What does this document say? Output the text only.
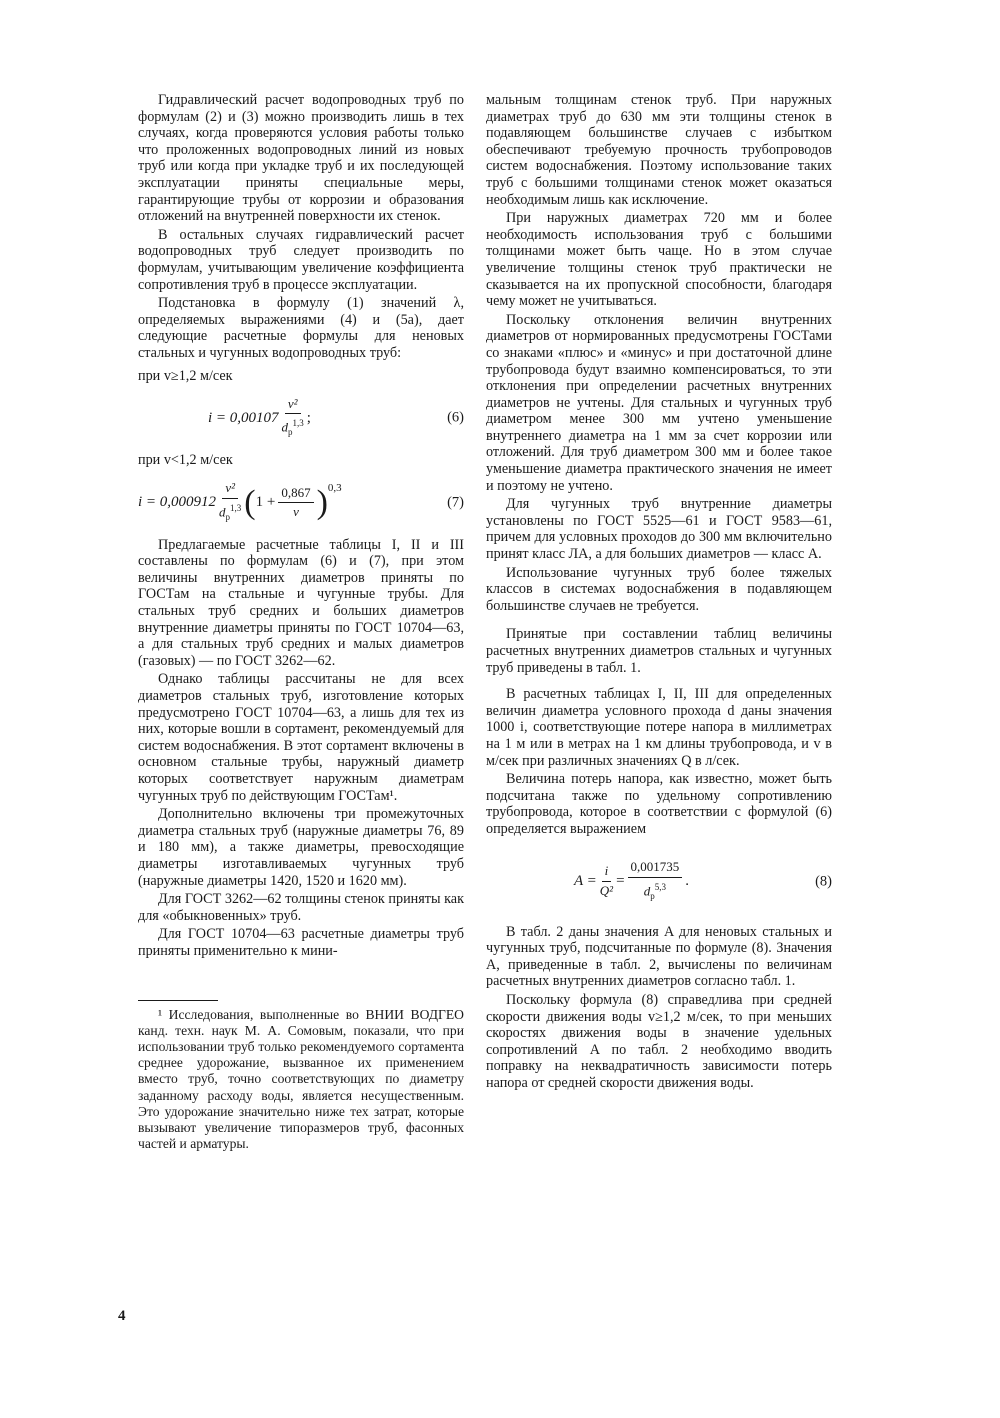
Гидравлический расчет водопроводных труб по формулам (2) и (3) можно производить лишь в тех случаях, когда проверяются условия работы только что проложенных водопроводных линий из новых труб или когда при укладке труб и их последующей эксплуатации приняты специальные меры, гарантирующие трубы от коррозии и образования отложений на внутренней поверхности их стенок.

В остальных случаях гидравлический расчет водопроводных труб следует производить по формулам, учитывающим увеличение коэффициента сопротивления труб в процессе эксплуатации.

Подстановка в формулу (1) значений λ, определяемых выражениями (4) и (5а), дает следующие расчетные формулы для неновых стальных и чугунных водопроводных труб:

при v≥1,2 м/сек

$i = 0,00107 \frac{\text{v²}}{d_р^{1,3}}$ ;	(6)

при v<1,2 м/сек

$i = 0,000912 \frac{\text{v²}}{d_р^{1,3}}$ ( $1 + \frac{0,867}{v} )^{0,3}$
(7)

Предлагаемые расчетные таблицы I, II и III составлены по формулам (6) и (7), при этом величины внутренних диаметров приняты по ГОСТам на стальные и чугунные трубы. Для стальных труб средних и больших диаметров внутренние диаметры приняты по ГОСТ 10704—63, а для стальных труб средних и малых диаметров (газовых) — по ГОСТ 3262—62.

Однако таблицы рассчитаны не для всех диаметров стальных труб, изготовление которых предусмотрено ГОСТ 10704—63, а лишь для тех из них, которые вошли в сортамент, рекомендуемый для систем водоснабжения. В этот сортамент включены в основном стальные трубы, наружный диаметр которых соответствует наружным диаметрам чугунных труб по действующим ГОСТам¹.

Дополнительно включены три промежуточных диаметра стальных труб (наружные диаметры 76, 89 и 180 мм), а также диаметры, превосходящие диаметры изготавливаемых чугунных труб (наружные диаметры 1420, 1520 и 1620 мм).

Для ГОСТ 3262—62 толщины стенок приняты как для «обыкновенных» труб.

Для ГОСТ 10704—63 расчетные диаметры труб приняты применительно к мини-

¹ Исследования, выполненные во ВНИИ ВОДГЕО канд. техн. наук М. А. Сомовым, показали, что при использовании труб только рекомендуемого сортамента среднее удорожание, вызванное их применением вместо труб, точно соответствующих по диаметру заданному расходу воды, является несущественным. Это удорожание значительно ниже тех затрат, которые вызывают увеличение типоразмеров труб, фасонных частей и арматуры.

мальным толщинам стенок труб. При наружных диаметрах труб до 630 мм эти толщины стенок в подавляющем большинстве случаев с избытком обеспечивают требуемую прочность трубопроводов систем водоснабжения. Поэтому использование таких труб с большими толщинами стенок может оказаться необходимым лишь как исключение.

При наружных диаметрах 720 мм и более необходимость использования труб с большими толщинами может быть чаще. Но в этом случае увеличение толщины стенок труб практически не сказывается на их пропускной способности, благодаря чему может не учитываться.

Поскольку отклонения величин внутренних диаметров от нормированных предусмотрены ГОСТами со знаками «плюс» и «минус» и при достаточной длине трубопровода будут взаимно компенсироваться, то эти отклонения при определении расчетных внутренних диаметров не учтены. Для стальных и чугунных труб диаметром менее 300 мм учтено уменьшение внутреннего диаметра на 1 мм за счет коррозии или отложений. Для труб диаметром 300 мм и более такое уменьшение диаметра практического значения не имеет и поэтому не учтено.

Для чугунных труб внутренние диаметры установлены по ГОСТ 5525—61 и ГОСТ 9583—61, причем для условных проходов до 300 мм включительно принят класс ЛА, а для больших диаметров — класс А.

Использование чугунных труб более тяжелых классов в системах водоснабжения в подавляющем большинстве случаев не требуется.

Принятые при составлении таблиц величины расчетных внутренних диаметров стальных и чугунных труб приведены в табл. 1.

В расчетных таблицах I, II, III для определенных величин диаметра условного прохода d даны значения 1000 i, соответствующие потере напора в миллиметрах на 1 м или в метрах на 1 км длины трубопровода, и v в м/сек при различных значениях Q в л/сек.

Величина потерь напора, как известно, может быть подсчитана также по удельному сопротивлению трубопровода, которое в соответствии с формулой (6) определяется выражением

$A = \frac{i}{\text{Q²}} = \frac{0,001735}{d_р^{5,3}}$ .	(8)

В табл. 2 даны значения A для неновых стальных и чугунных труб, подсчитанные по формуле (8). Значения A, приведенные в табл. 2, вычислены по величинам расчетных внутренних диаметров согласно табл. 1.

Поскольку формула (8) справедлива при средней скорости движения воды v≥1,2 м/сек, то при меньших скоростях движения воды в значение удельных сопротивлений A по табл. 2 необходимо вводить поправку на неквадратичность зависимости потерь напора от средней скорости движения воды.

4
